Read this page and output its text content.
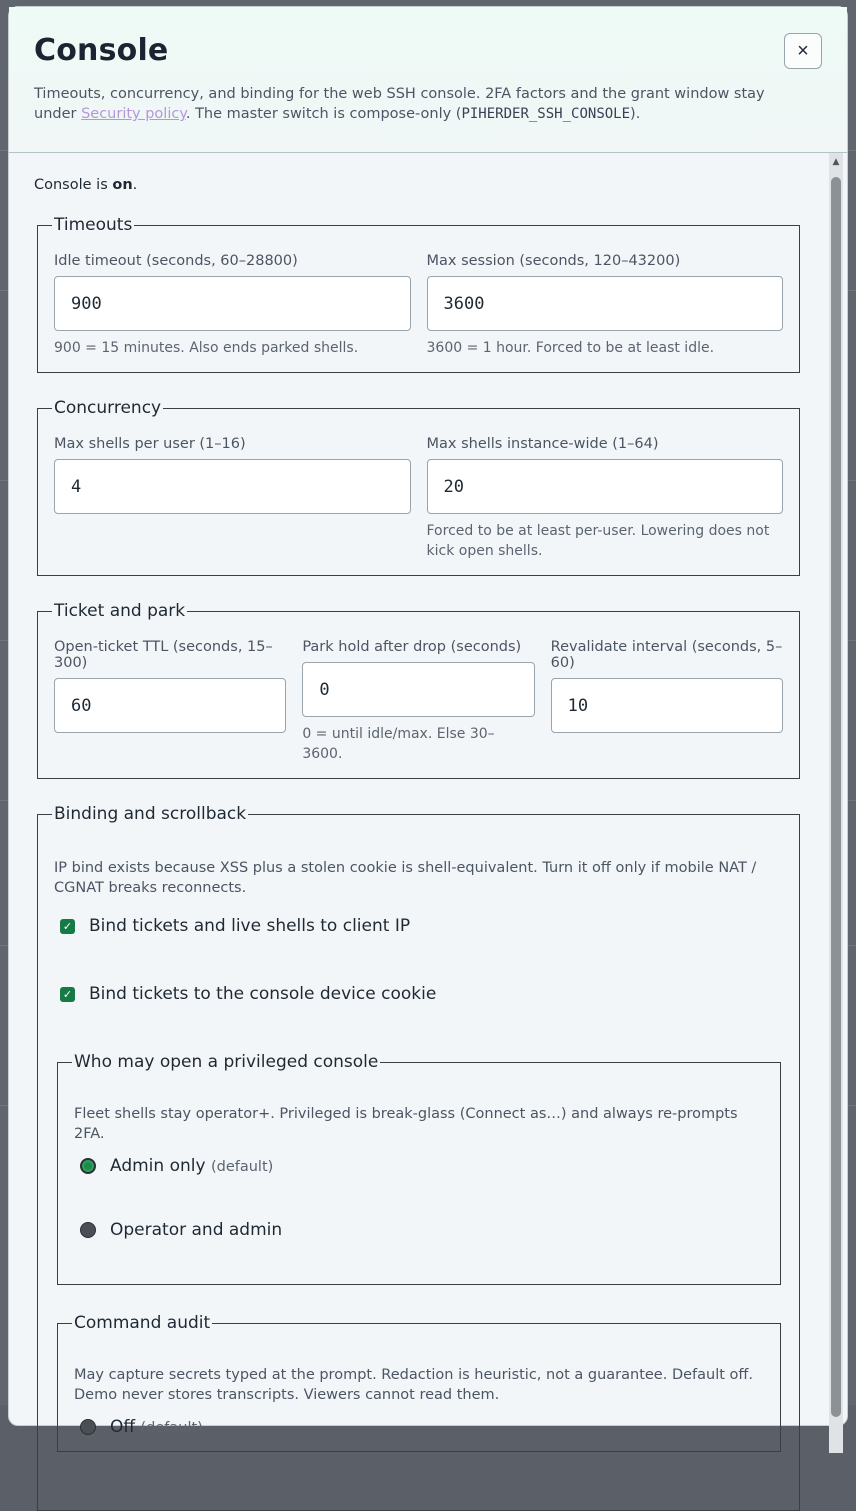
Console	×
Timeouts, concurrency, and binding for the web SSH console. 2FA factors and the grant window stay under Security policy. The master switch is compose-only (PIHERDER_SSH_CONSOLE).
▲
Console is on.
Timeouts
Idle timeout (seconds, 60–28800)
900
900 = 15 minutes. Also ends parked shells.
Max session (seconds, 120–43200)
3600
3600 = 1 hour. Forced to be at least idle.
Concurrency
Max shells per user (1–16)
4	Max shells instance-wide (1–64)
20
Forced to be at least per-user. Lowering does not kick open shells.
Ticket and park
Open-ticket TTL (seconds, 15–300)
60
Park hold after drop (seconds)
0
0 = until idle/max. Else 30–3600.
Revalidate interval (seconds, 5–60)
10
Binding and scrollback
IP bind exists because XSS plus a stolen cookie is shell-equivalent. Turn it off only if mobile NAT / CGNAT breaks reconnects.
✓ Bind tickets and live shells to client IP
✓ Bind tickets to the console device cookie
Who may open a privileged console
Fleet shells stay operator+. Privileged is break-glass (Connect as…) and always re-prompts 2FA.
Admin only (default)
Operator and admin
Command audit
May capture secrets typed at the prompt. Redaction is heuristic, not a guarantee. Default off. Demo never stores transcripts. Viewers cannot read them.
Off (default)
